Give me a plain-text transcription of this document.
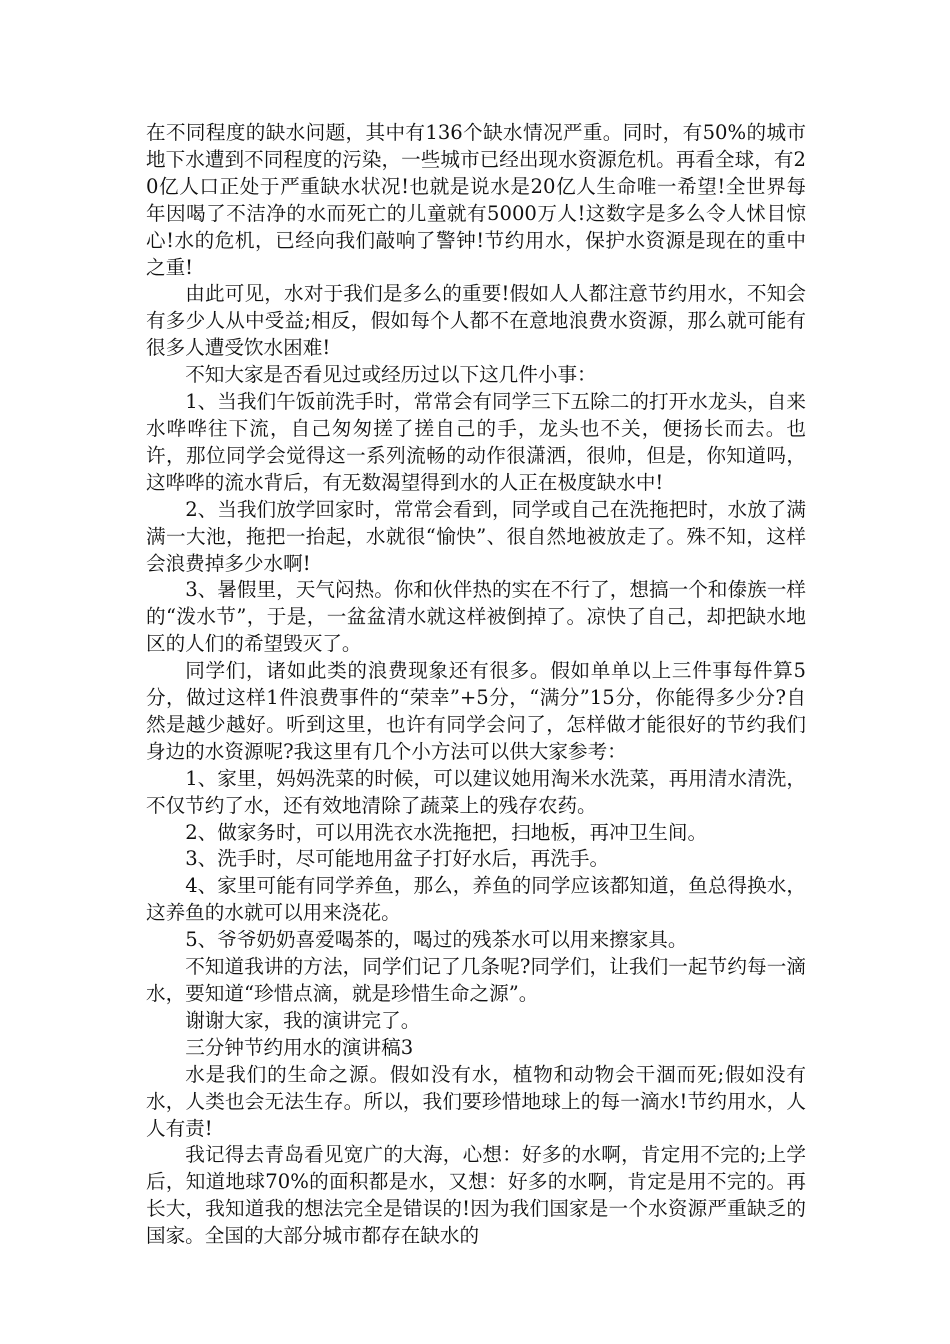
在不同程度的缺水问题，其中有136个缺水情况严重。同时，有50%的城市地下水遭到不同程度的污染，一些城市已经出现水资源危机。再看全球，有20亿人口正处于严重缺水状况!也就是说水是20亿人生命唯一希望!全世界每年因喝了不洁净的水而死亡的儿童就有5000万人!这数字是多么令人怵目惊心!水的危机，已经向我们敲响了警钟!节约用水，保护水资源是现在的重中之重!

由此可见，水对于我们是多么的重要!假如人人都注意节约用水，不知会有多少人从中受益;相反，假如每个人都不在意地浪费水资源，那么就可能有很多人遭受饮水困难!

不知大家是否看见过或经历过以下这几件小事：

1、当我们午饭前洗手时，常常会有同学三下五除二的打开水龙头，自来水哗哗往下流，自己匆匆搓了搓自己的手，龙头也不关，便扬长而去。也许，那位同学会觉得这一系列流畅的动作很潇洒，很帅，但是，你知道吗，这哗哗的流水背后，有无数渴望得到水的人正在极度缺水中!

2、当我们放学回家时，常常会看到，同学或自己在洗拖把时，水放了满满一大池，拖把一抬起，水就很“愉快”、很自然地被放走了。殊不知，这样会浪费掉多少水啊!

3、暑假里，天气闷热。你和伙伴热的实在不行了，想搞一个和傣族一样的“泼水节”，于是，一盆盆清水就这样被倒掉了。凉快了自己，却把缺水地区的人们的希望毁灭了。

同学们，诸如此类的浪费现象还有很多。假如单单以上三件事每件算5分，做过这样1件浪费事件的“荣幸”+5分，“满分”15分，你能得多少分?自然是越少越好。听到这里，也许有同学会问了，怎样做才能很好的节约我们身边的水资源呢?我这里有几个小方法可以供大家参考：

1、家里，妈妈洗菜的时候，可以建议她用淘米水洗菜，再用清水清洗，不仅节约了水，还有效地清除了蔬菜上的残存农药。

2、做家务时，可以用洗衣水洗拖把，扫地板，再冲卫生间。

3、洗手时，尽可能地用盆子打好水后，再洗手。

4、家里可能有同学养鱼，那么，养鱼的同学应该都知道，鱼总得换水，这养鱼的水就可以用来浇花。

5、爷爷奶奶喜爱喝茶的，喝过的残茶水可以用来擦家具。

不知道我讲的方法，同学们记了几条呢?同学们，让我们一起节约每一滴水，要知道“珍惜点滴，就是珍惜生命之源”。

谢谢大家，我的演讲完了。

三分钟节约用水的演讲稿3

水是我们的生命之源。假如没有水，植物和动物会干涸而死;假如没有水，人类也会无法生存。所以，我们要珍惜地球上的每一滴水!节约用水，人人有责!

我记得去青岛看见宽广的大海，心想：好多的水啊，肯定用不完的;上学后，知道地球70%的面积都是水，又想：好多的水啊，肯定是用不完的。再长大，我知道我的想法完全是错误的!因为我们国家是一个水资源严重缺乏的国家。全国的大部分城市都存在缺水的
